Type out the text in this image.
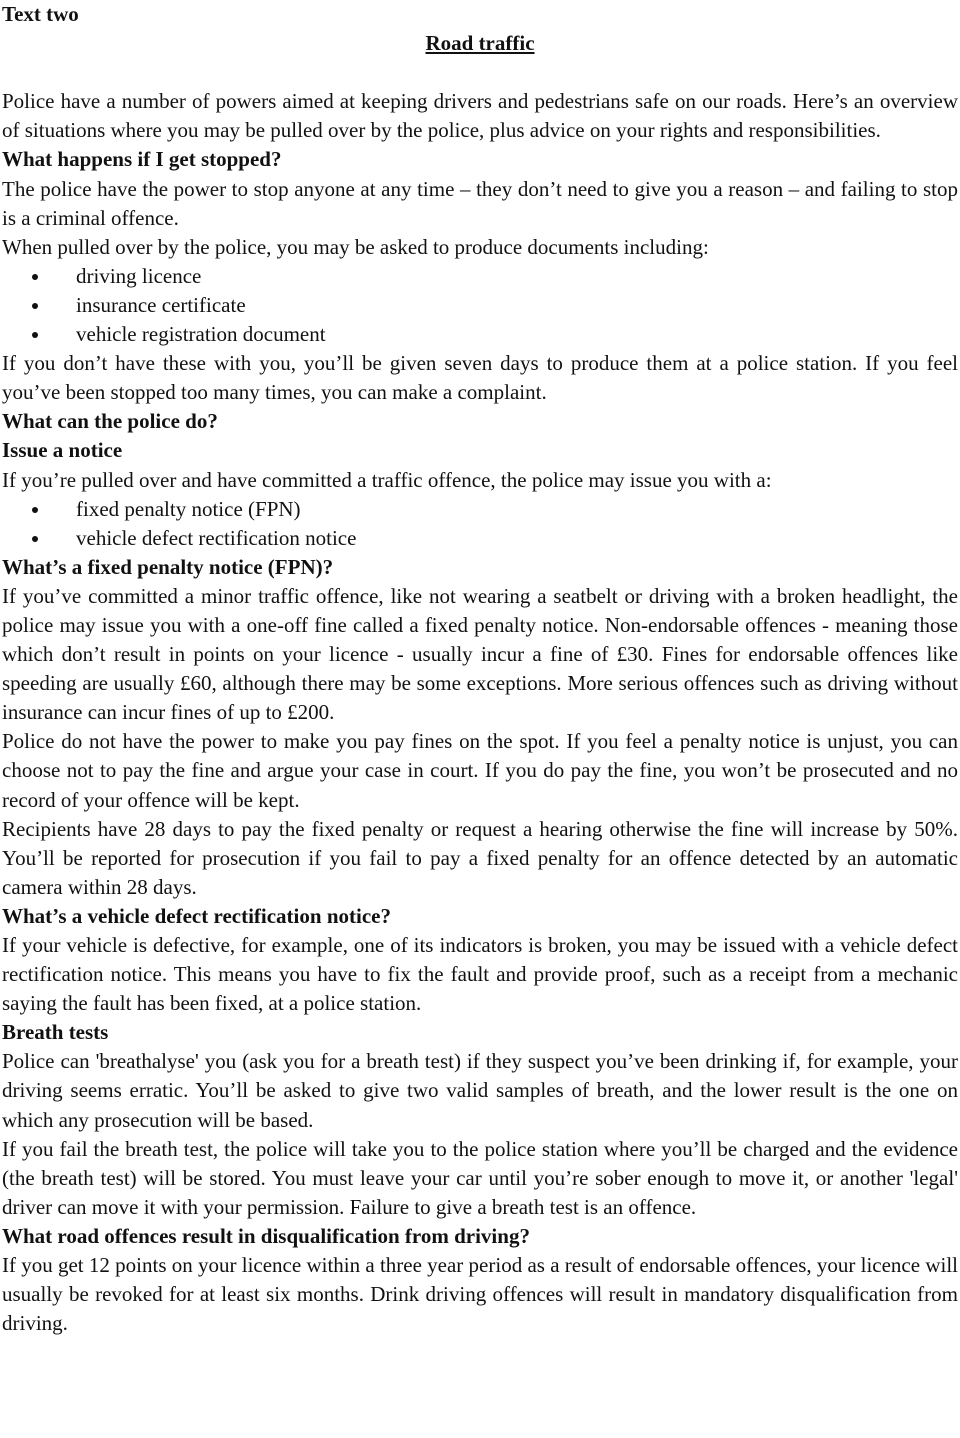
Text two

Road traffic

Police have a number of powers aimed at keeping drivers and pedestrians safe on our roads. Here’s an overview of situations where you may be pulled over by the police, plus advice on your rights and responsibilities.

What happens if I get stopped?

The police have the power to stop anyone at any time – they don’t need to give you a reason – and failing to stop is a criminal offence.

When pulled over by the police, you may be asked to produce documents including:

driving licence
insurance certificate
vehicle registration document

If you don’t have these with you, you’ll be given seven days to produce them at a police station. If you feel you’ve been stopped too many times, you can make a complaint.

What can the police do?

Issue a notice

If you’re pulled over and have committed a traffic offence, the police may issue you with a:

fixed penalty notice (FPN)
vehicle defect rectification notice

What’s a fixed penalty notice (FPN)?

If you’ve committed a minor traffic offence, like not wearing a seatbelt or driving with a broken headlight, the police may issue you with a one-off fine called a fixed penalty notice. Non-endorsable offences - meaning those which don’t result in points on your licence - usually incur a fine of £30. Fines for endorsable offences like speeding are usually £60, although there may be some exceptions. More serious offences such as driving without insurance can incur fines of up to £200.

Police do not have the power to make you pay fines on the spot. If you feel a penalty notice is unjust, you can choose not to pay the fine and argue your case in court. If you do pay the fine, you won’t be prosecuted and no record of your offence will be kept.

Recipients have 28 days to pay the fixed penalty or request a hearing otherwise the fine will increase by 50%. You’ll be reported for prosecution if you fail to pay a fixed penalty for an offence detected by an automatic camera within 28 days.

What’s a vehicle defect rectification notice?

If your vehicle is defective, for example, one of its indicators is broken, you may be issued with a vehicle defect rectification notice. This means you have to fix the fault and provide proof, such as a receipt from a mechanic saying the fault has been fixed, at a police station.

Breath tests

Police can 'breathalyse' you (ask you for a breath test) if they suspect you’ve been drinking if, for example, your driving seems erratic. You’ll be asked to give two valid samples of breath, and the lower result is the one on which any prosecution will be based.

If you fail the breath test, the police will take you to the police station where you’ll be charged and the evidence (the breath test) will be stored. You must leave your car until you’re sober enough to move it, or another 'legal' driver can move it with your permission. Failure to give a breath test is an offence.

What road offences result in disqualification from driving?

If you get 12 points on your licence within a three year period as a result of endorsable offences, your licence will usually be revoked for at least six months. Drink driving offences will result in mandatory disqualification from driving.
